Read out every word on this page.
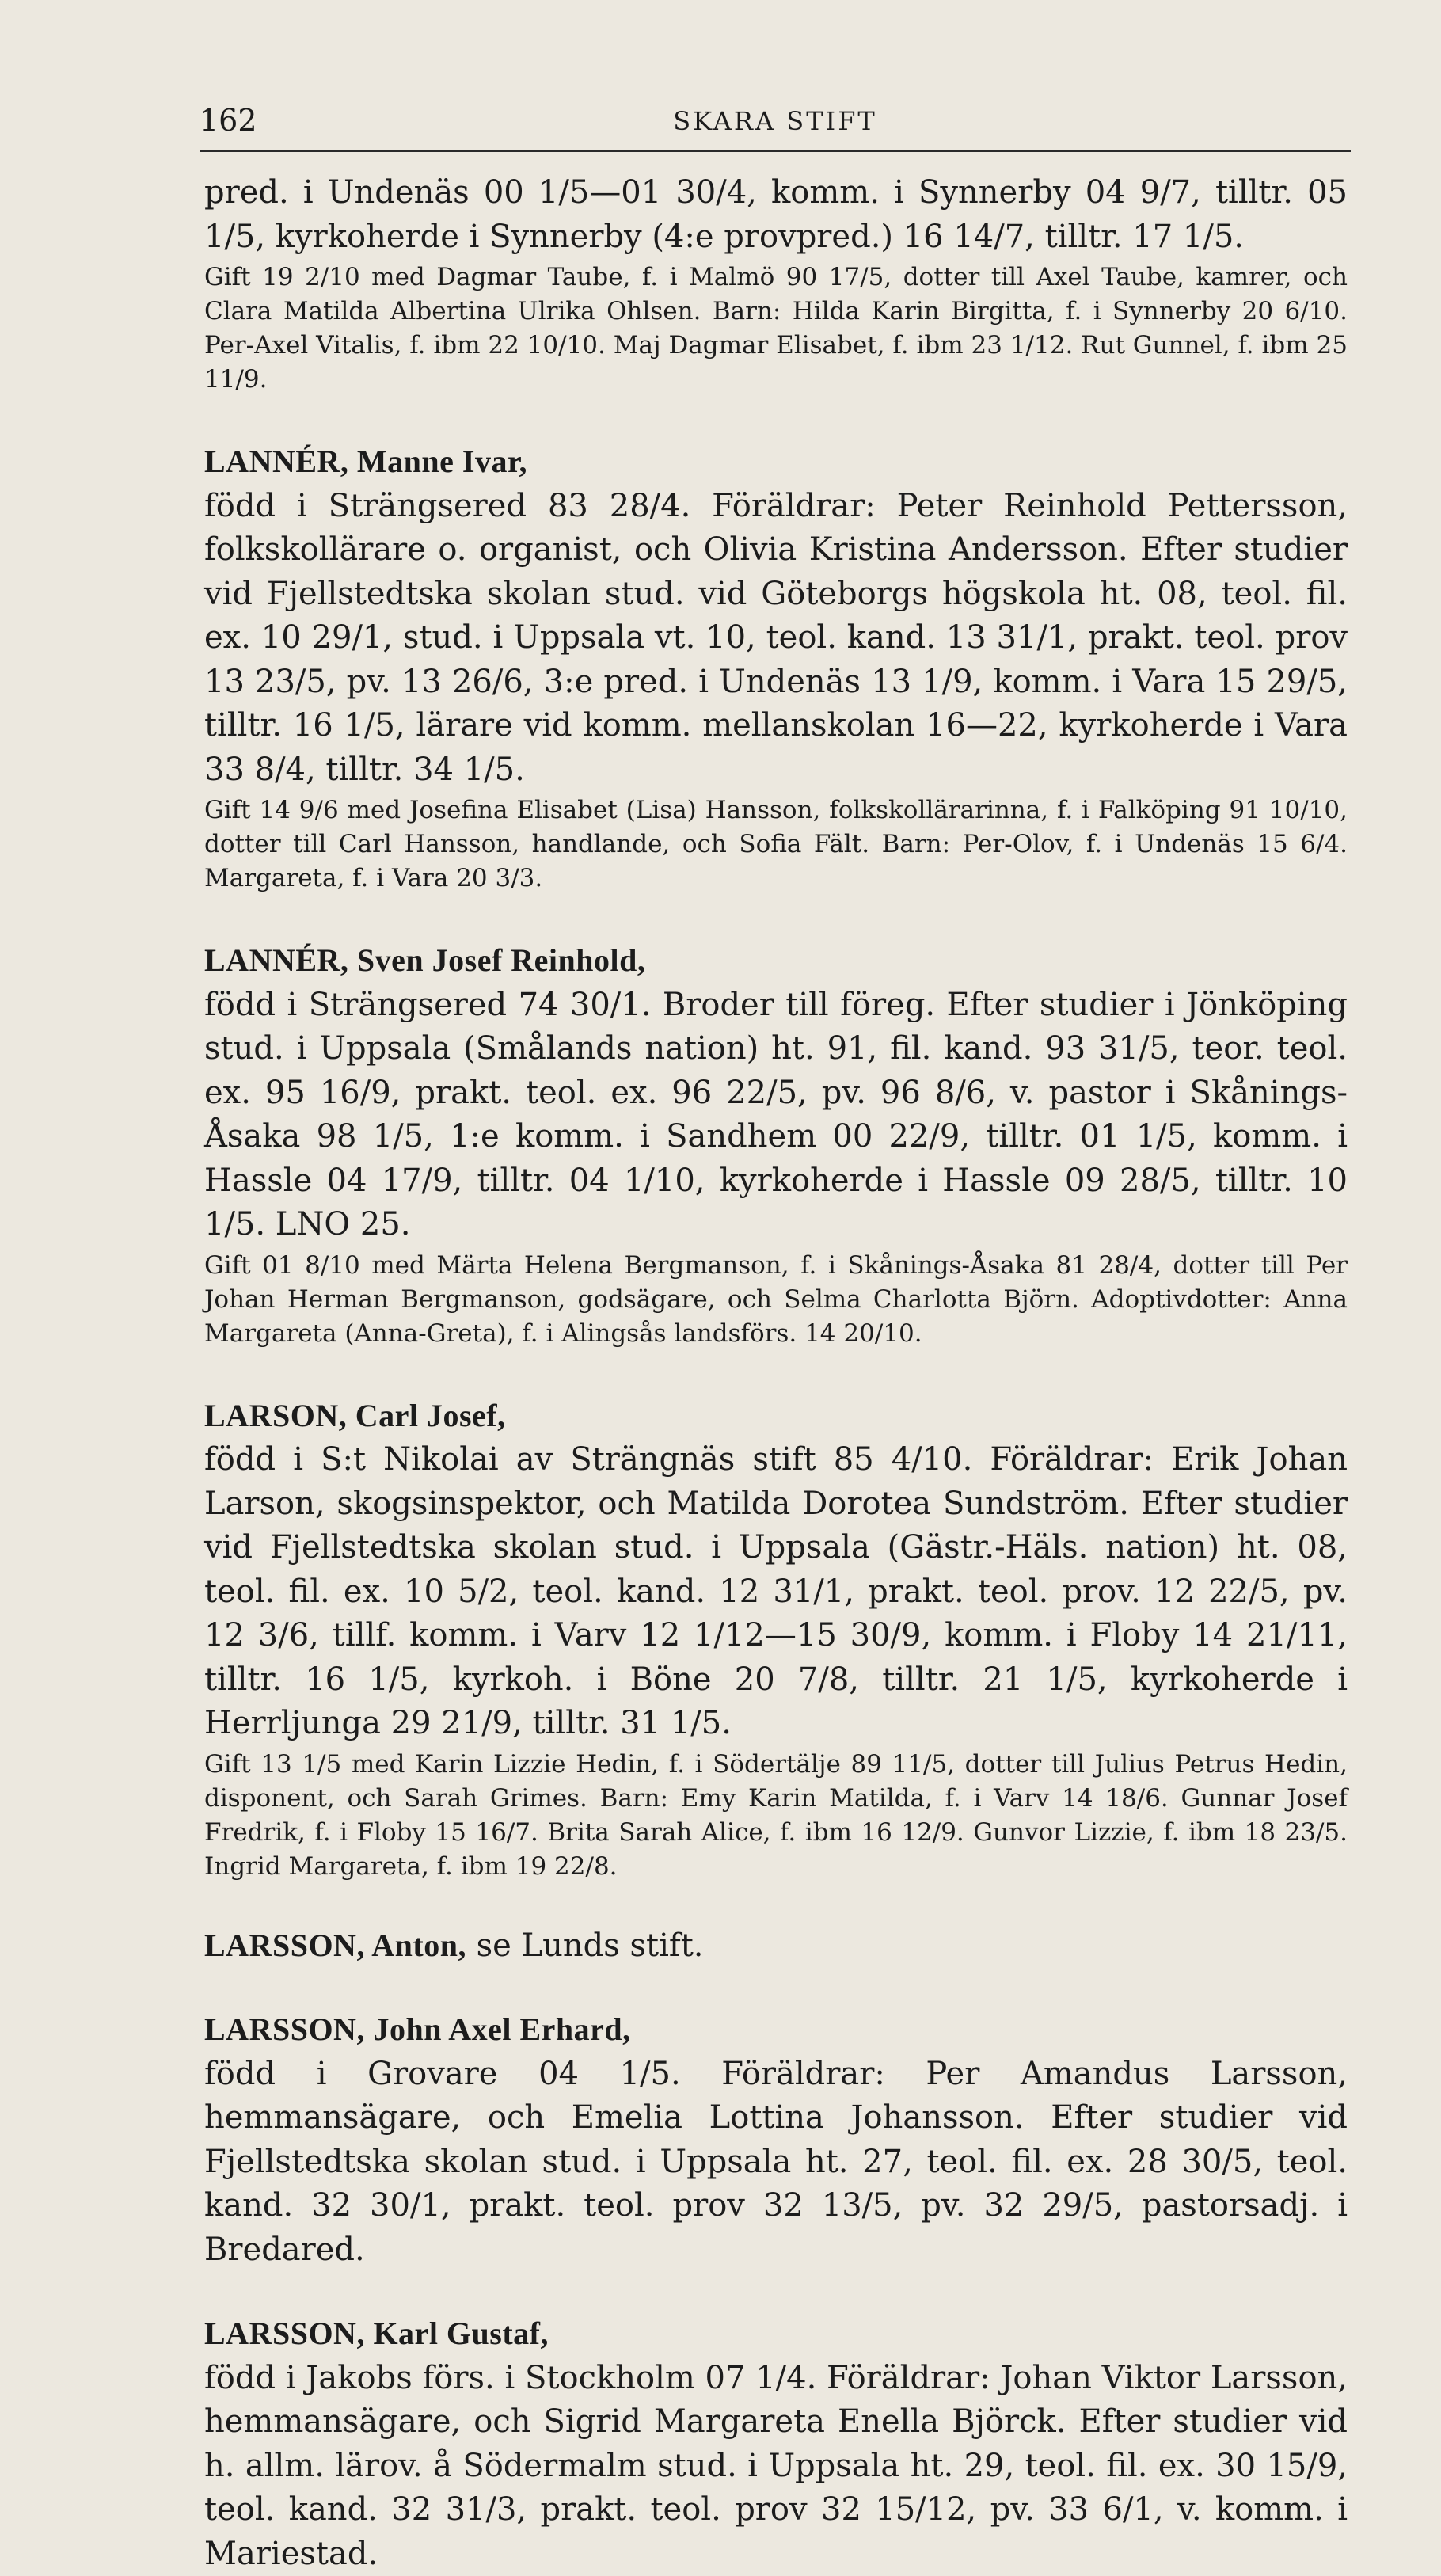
162	SKARA STIFT

pred. i Undenäs 00 1/5—01 30/4, komm. i Synnerby 04 9/7, tilltr. 05 1/5, kyrkoherde i Synnerby (4:e provpred.) 16 14/7, tilltr. 17 1/5.

Gift 19 2/10 med Dagmar Taube, f. i Malmö 90 17/5, dotter till Axel Taube, kamrer, och Clara Matilda Albertina Ulrika Ohlsen. Barn: Hilda Karin Birgitta, f. i Synnerby 20 6/10. Per-Axel Vitalis, f. ibm 22 10/10. Maj Dagmar Elisabet, f. ibm 23 1/12. Rut Gunnel, f. ibm 25 11/9.

LANNÉR, Manne Ivar,
född i Strängsered 83 28/4. Föräldrar: Peter Reinhold Pettersson, folkskollärare o. organist, och Olivia Kristina Andersson. Efter studier vid Fjellstedtska skolan stud. vid Göteborgs högskola ht. 08, teol. fil. ex. 10 29/1, stud. i Uppsala vt. 10, teol. kand. 13 31/1, prakt. teol. prov 13 23/5, pv. 13 26/6, 3:e pred. i Undenäs 13 1/9, komm. i Vara 15 29/5, tilltr. 16 1/5, lärare vid komm. mellanskolan 16—22, kyrkoherde i Vara 33 8/4, tilltr. 34 1/5.

Gift 14 9/6 med Josefina Elisabet (Lisa) Hansson, folkskollärarinna, f. i Falköping 91 10/10, dotter till Carl Hansson, handlande, och Sofia Fält. Barn: Per-Olov, f. i Undenäs 15 6/4. Margareta, f. i Vara 20 3/3.

LANNÉR, Sven Josef Reinhold,
född i Strängsered 74 30/1. Broder till föreg. Efter studier i Jönköping stud. i Uppsala (Smålands nation) ht. 91, fil. kand. 93 31/5, teor. teol. ex. 95 16/9, prakt. teol. ex. 96 22/5, pv. 96 8/6, v. pastor i Skånings-Åsaka 98 1/5, 1:e komm. i Sandhem 00 22/9, tilltr. 01 1/5, komm. i Hassle 04 17/9, tilltr. 04 1/10, kyrkoherde i Hassle 09 28/5, tilltr. 10 1/5. LNO 25.

Gift 01 8/10 med Märta Helena Bergmanson, f. i Skånings-Åsaka 81 28/4, dotter till Per Johan Herman Bergmanson, godsägare, och Selma Charlotta Björn. Adoptivdotter: Anna Margareta (Anna-Greta), f. i Alingsås landsförs. 14 20/10.

LARSON, Carl Josef,
född i S:t Nikolai av Strängnäs stift 85 4/10. Föräldrar: Erik Johan Larson, skogsinspektor, och Matilda Dorotea Sundström. Efter studier vid Fjellstedtska skolan stud. i Uppsala (Gästr.-Häls. nation) ht. 08, teol. fil. ex. 10 5/2, teol. kand. 12 31/1, prakt. teol. prov. 12 22/5, pv. 12 3/6, tillf. komm. i Varv 12 1/12—15 30/9, komm. i Floby 14 21/11, tilltr. 16 1/5, kyrkoh. i Böne 20 7/8, tilltr. 21 1/5, kyrkoherde i Herrljunga 29 21/9, tilltr. 31 1/5.

Gift 13 1/5 med Karin Lizzie Hedin, f. i Södertälje 89 11/5, dotter till Julius Petrus Hedin, disponent, och Sarah Grimes. Barn: Emy Karin Matilda, f. i Varv 14 18/6. Gunnar Josef Fredrik, f. i Floby 15 16/7. Brita Sarah Alice, f. ibm 16 12/9. Gunvor Lizzie, f. ibm 18 23/5. Ingrid Margareta, f. ibm 19 22/8.

LARSSON, Anton, se Lunds stift.

LARSSON, John Axel Erhard,
född i Grovare 04 1/5. Föräldrar: Per Amandus Larsson, hemmansägare, och Emelia Lottina Johansson. Efter studier vid Fjellstedtska skolan stud. i Uppsala ht. 27, teol. fil. ex. 28 30/5, teol. kand. 32 30/1, prakt. teol. prov 32 13/5, pv. 32 29/5, pastorsadj. i Bredared.

LARSSON, Karl Gustaf,
född i Jakobs förs. i Stockholm 07 1/4. Föräldrar: Johan Viktor Larsson, hemmansägare, och Sigrid Margareta Enella Björck. Efter studier vid h. allm. lärov. å Södermalm stud. i Uppsala ht. 29, teol. fil. ex. 30 15/9, teol. kand. 32 31/3, prakt. teol. prov 32 15/12, pv. 33 6/1, v. komm. i Mariestad.
